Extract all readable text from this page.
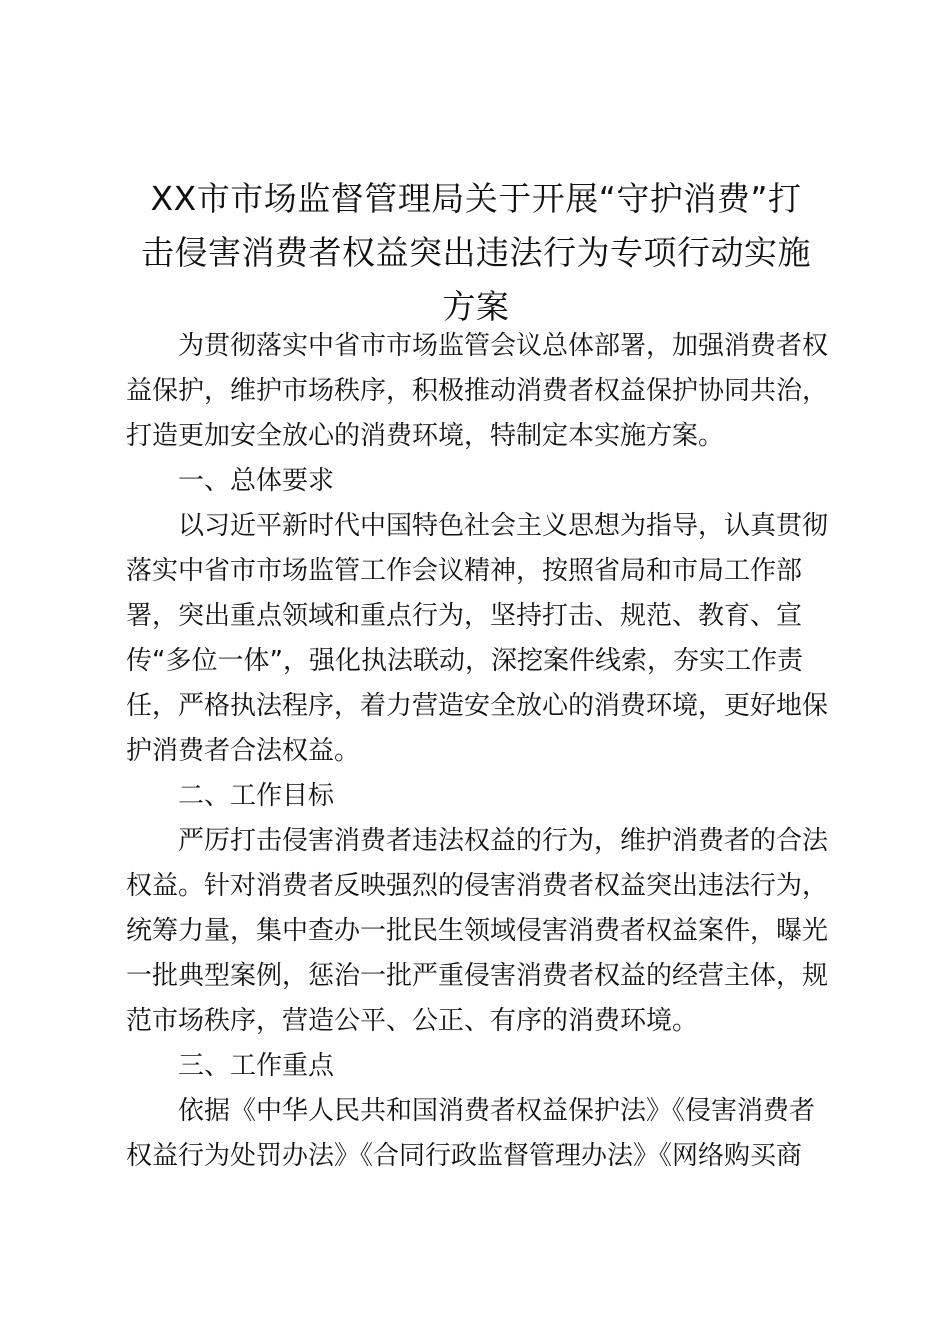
XX市市场监督管理局关于开展“守护消费”打
击侵害消费者权益突出违法行为专项行动实施
方案
为贯彻落实中省市市场监管会议总体部署，加强消费者权
益保护，维护市场秩序，积极推动消费者权益保护协同共治，
打造更加安全放心的消费环境，特制定本实施方案。
一、总体要求
以习近平新时代中国特色社会主义思想为指导，认真贯彻
落实中省市市场监管工作会议精神，按照省局和市局工作部
署，突出重点领域和重点行为，坚持打击、规范、教育、宣
传“多位一体”，强化执法联动，深挖案件线索，夯实工作责
任，严格执法程序，着力营造安全放心的消费环境，更好地保
护消费者合法权益。
二、工作目标
严厉打击侵害消费者违法权益的行为，维护消费者的合法
权益。针对消费者反映强烈的侵害消费者权益突出违法行为，
统筹力量，集中查办一批民生领域侵害消费者权益案件，曝光
一批典型案例，惩治一批严重侵害消费者权益的经营主体，规
范市场秩序，营造公平、公正、有序的消费环境。
三、工作重点
依据《中华人民共和国消费者权益保护法》《侵害消费者
权益行为处罚办法》《合同行政监督管理办法》《网络购买商
